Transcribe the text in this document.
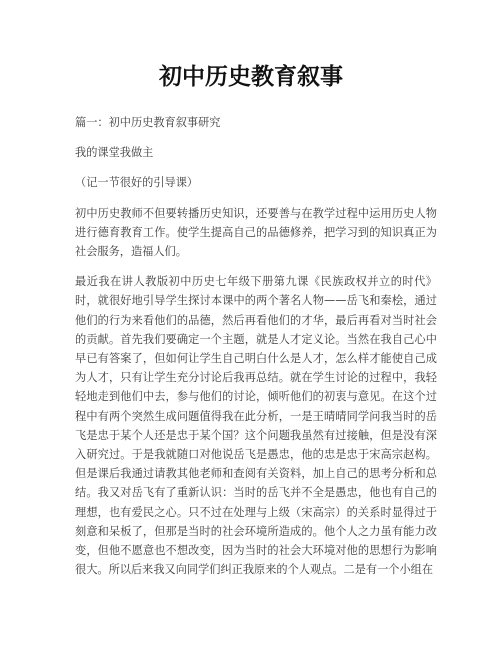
初中历史教育叙事

篇一：初中历史教育叙事研究

我的课堂我做主

（记一节很好的引导课）

初中历史教师不但要转播历史知识，还要善与在教学过程中运用历史人物进行德育教育工作。使学生提高自己的品德修养，把学习到的知识真正为社会服务，造福人们。

最近我在讲人教版初中历史七年级下册第九课《民族政权并立的时代》时，就很好地引导学生探讨本课中的两个著名人物——岳飞和秦桧，通过他们的行为来看他们的品德，然后再看他们的才华，最后再看对当时社会的贡献。首先我们要确定一个主题，就是人才定义论。当然在我自己心中早已有答案了，但如何让学生自己明白什么是人才，怎么样才能使自己成为人才，只有让学生充分讨论后我再总结。就在学生讨论的过程中，我轻轻地走到他们中去，参与他们的讨论，倾听他们的初衷与意见。在这个过程中有两个突然生成问题值得我在此分析，一是王晴晴同学问我当时的岳飞是忠于某个人还是忠于某个国？这个问题我虽然有过接触，但是没有深入研究过。于是我就随口对他说岳飞是愚忠，他的忠是忠于宋高宗赵构。但是课后我通过请教其他老师和查阅有关资料，加上自己的思考分析和总结。我又对岳飞有了重新认识：当时的岳飞并不全是愚忠，他也有自己的理想，也有爱民之心。只不过在处理与上级（宋高宗）的关系时显得过于刻意和呆板了，但那是当时的社会环境所造成的。他个人之力虽有能力改变，但他不愿意也不想改变，因为当时的社会大环境对他的思想行为影响很大。所以后来我又向同学们纠正我原来的个人观点。二是有一个小组在
